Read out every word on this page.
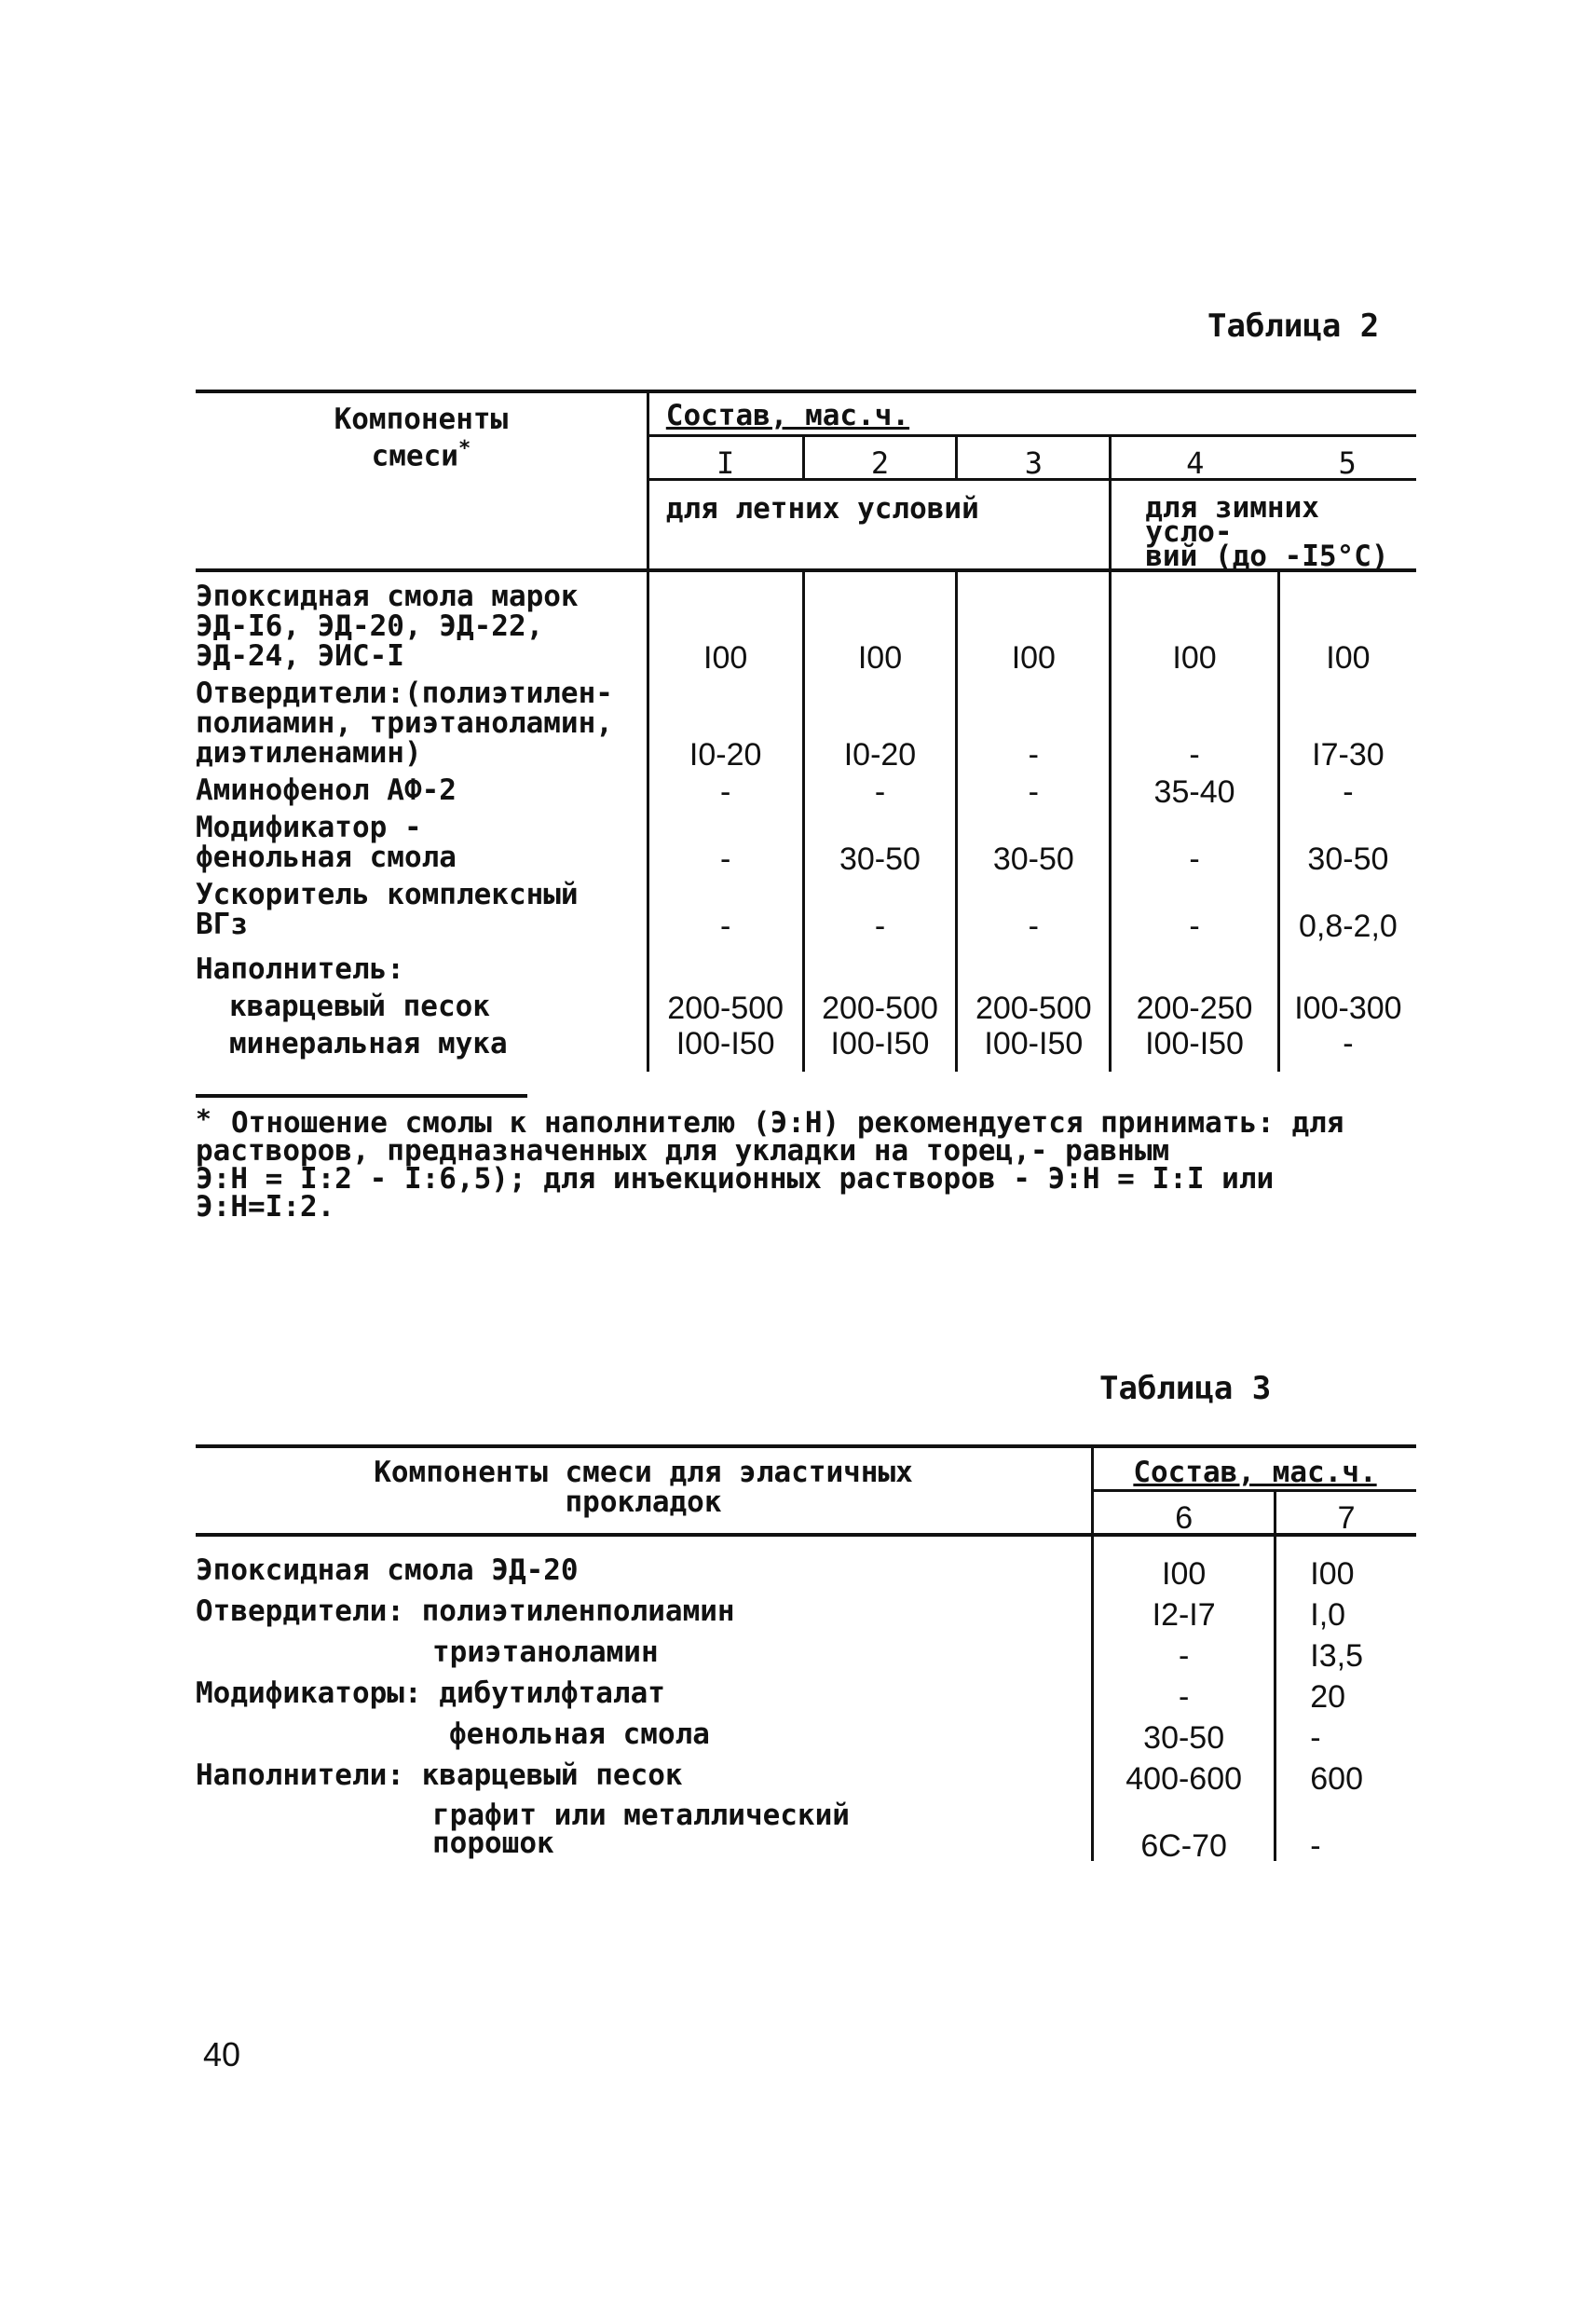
Таблица 2
Компоненты
смеси*	Состав, мас.ч.				
	I	2	3	4	5
	для летних условий			для зимних усло-
вий (до -I5°C)	

Эпоксидная смола марок
ЭД-I6, ЭД-20, ЭД-22,
ЭД-24, ЭИС-I	I00	I00	I00	I00	I00

Отвердители:(полиэтилен-
полиамин, триэтаноламин,
диэтиленамин)	I0-20	I0-20	-	-	I7-30

Аминофенол АФ-2	-	-	-	35-40	-

Модификатор -
фенольная смола	-	30-50	30-50	-	30-50

Ускоритель комплексный
ВГз	-	-	-	-	0,8-2,0

Наполнитель:					

кварцевый песок	200-500	200-500	200-500	200-250	I00-300

минеральная мука	I00-I50	I00-I50	I00-I50	I00-I50	-
* Отношение смолы к наполнителю (Э:Н) рекомендуется принимать: для
растворов, предназначенных для укладки на торец,- равным
Э:Н = I:2 - I:6,5); для инъекционных растворов - Э:Н = I:I или
Э:Н=I:2.
Таблица 3
Компоненты смеси для эластичных
прокладок	Состав, мас.ч.	
	6	7
Эпоксидная смола ЭД-20	I00	I00
Отвердители: полиэтиленполиамин	I2-I7	I,0
триэтаноламин	-	I3,5
Модификаторы: дибутилфталат	-	20
фенольная смола	30-50	-
Наполнители: кварцевый песок	400-600	600
графит или металлический порошок	6С-70	-
40
